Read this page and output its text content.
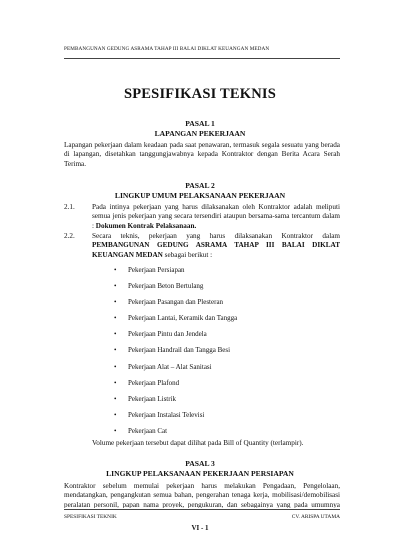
PEMBANGUNAN GEDUNG ASRAMA TAHAP III BALAI DIKLAT KEUANGAN MEDAN
SPESIFIKASI TEKNIS
PASAL 1
LAPANGAN PEKERJAAN
Lapangan pekerjaan dalam keadaan pada saat penawaran, termasuk segala sesuatu yang berada di lapangan, disetahkan tanggungjawabnya kepada Kontraktor dengan Berita Acara Serah Terima.
PASAL 2
LINGKUP UMUM PELAKSANAAN PEKERJAAN
2.1. Pada intinya pekerjaan yang harus dilaksanakan oleh Kontraktor adalah meliputi semua jenis pekerjaan yang secara tersendiri ataupun bersama-sama tercantum dalam : Dokumen Kontrak Pelaksanaan.
2.2. Secara teknis, pekerjaan yang harus dilaksanakan Kontraktor dalam PEMBANGUNAN GEDUNG ASRAMA TAHAP III BALAI DIKLAT KEUANGAN MEDAN sebagai berikut :
• Pekerjaan Persiapan
• Pekerjaan Beton Bertulang
• Pekerjaan Pasangan dan Plesteran
• Pekerjaan Lantai, Keramik dan Tangga
• Pekerjaan Pintu dan Jendela
• Pekerjaan Handrail dan Tangga Besi
• Pekerjaan Alat – Alat Sanitasi
• Pekerjaan Plafond
• Pekerjaan Listrik
• Pekerjaan Instalasi Televisi
• Pekerjaan Cat
Volume pekerjaan tersebut dapat dilihat pada Bill of Quantity (terlampir).
PASAL 3
LINGKUP PELAKSANAAN PEKERJAAN PERSIAPAN
Kontraktor sebelum memulai pekerjaan harus melakukan Pengadaan, Pengelolaan, mendatangkan, pengangkutan semua bahan, pengerahan tenaga kerja, mobilisasi/demobilisasi peralatan personil, papan nama proyek, pengukuran, dan sebagainya yang pada umumnya
SPESIFIKASI TEKNIK	CV. ARISPA UTAMA
VI - 1
